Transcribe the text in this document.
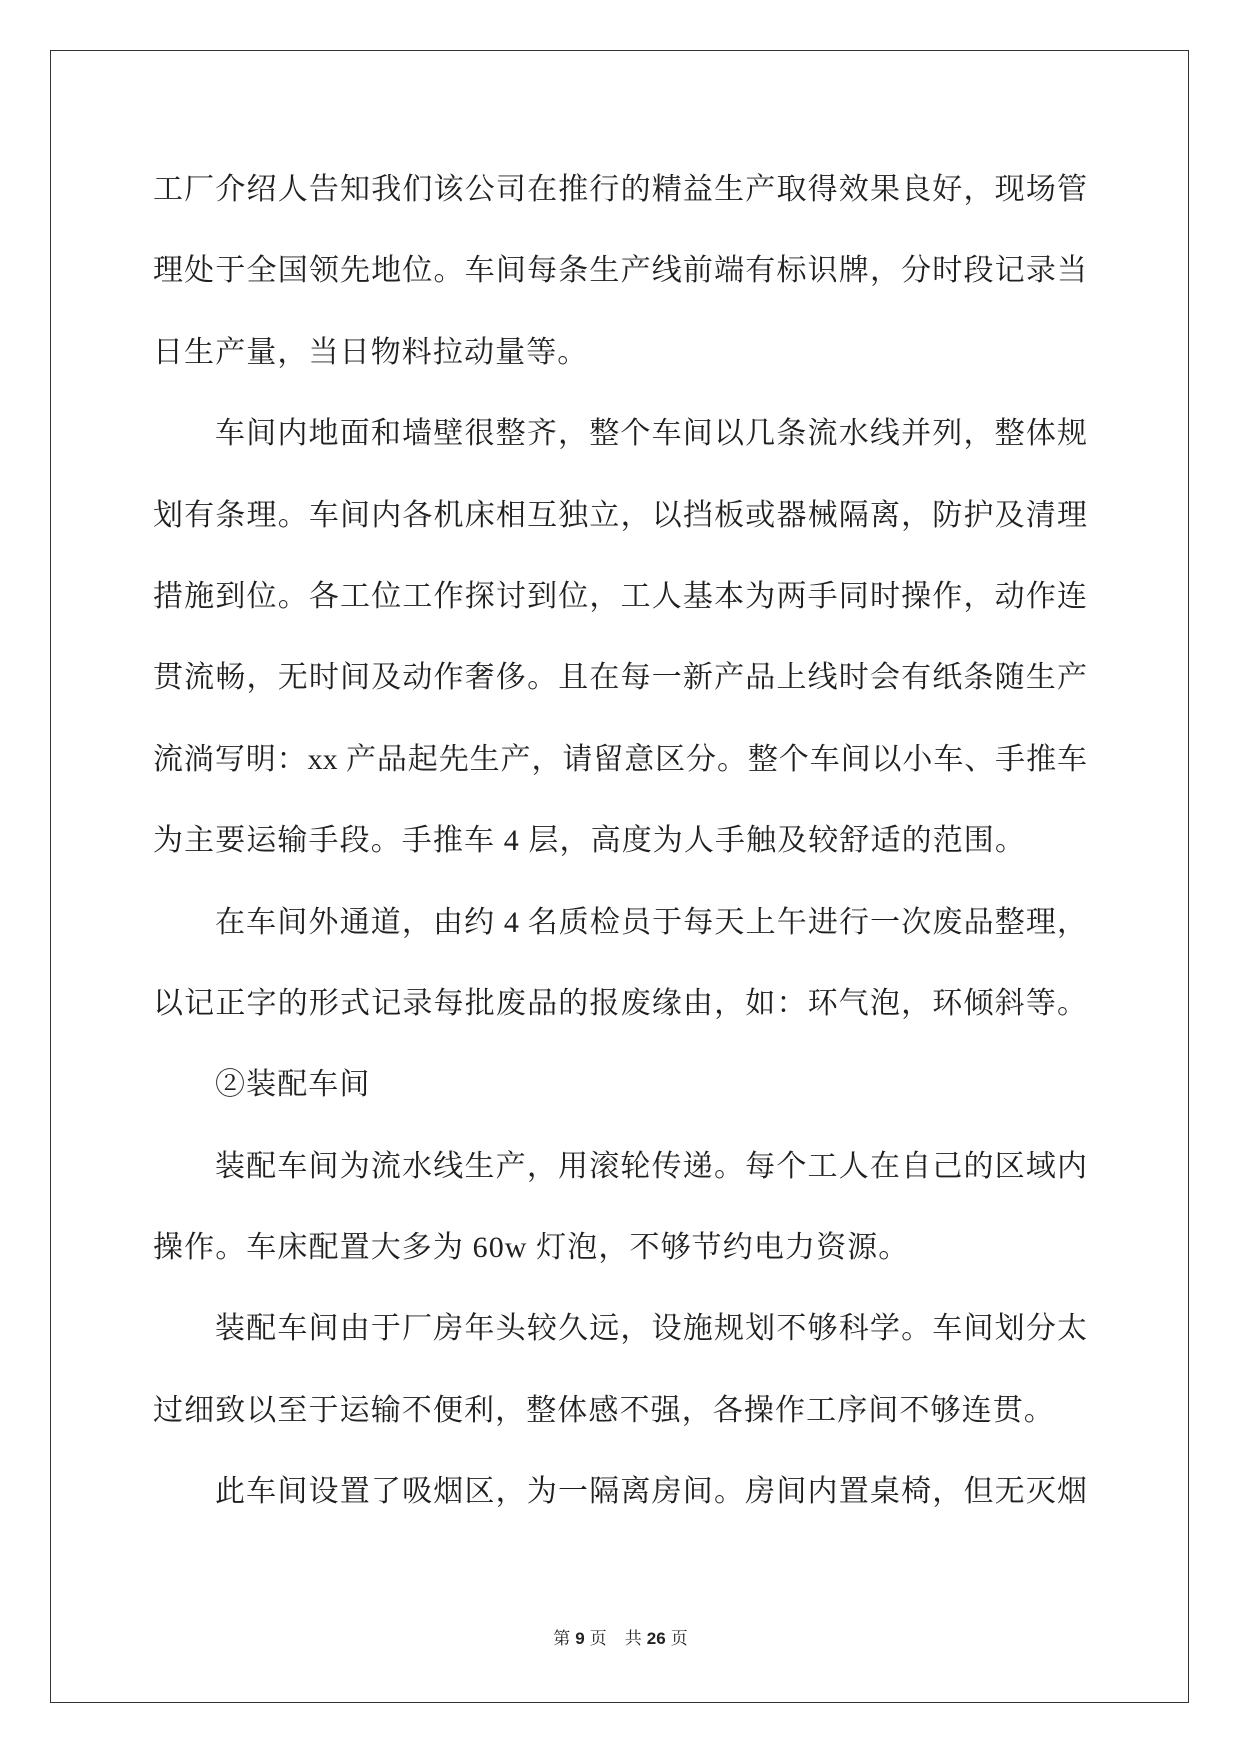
工厂介绍人告知我们该公司在推行的精益生产取得效果良好，现场管
理处于全国领先地位。车间每条生产线前端有标识牌，分时段记录当
日生产量，当日物料拉动量等。
车间内地面和墙壁很整齐，整个车间以几条流水线并列，整体规
划有条理。车间内各机床相互独立，以挡板或器械隔离，防护及清理
措施到位。各工位工作探讨到位，工人基本为两手同时操作，动作连
贯流畅，无时间及动作奢侈。且在每一新产品上线时会有纸条随生产
流淌写明：xx 产品起先生产，请留意区分。整个车间以小车、手推车
为主要运输手段。手推车 4 层，高度为人手触及较舒适的范围。
在车间外通道，由约 4 名质检员于每天上午进行一次废品整理，
以记正字的形式记录每批废品的报废缘由，如：环气泡，环倾斜等。
②装配车间
装配车间为流水线生产，用滚轮传递。每个工人在自己的区域内
操作。车床配置大多为 60w 灯泡，不够节约电力资源。
装配车间由于厂房年头较久远，设施规划不够科学。车间划分太
过细致以至于运输不便利，整体感不强，各操作工序间不够连贯。
此车间设置了吸烟区，为一隔离房间。房间内置桌椅，但无灭烟
第 9 页 共 26 页
